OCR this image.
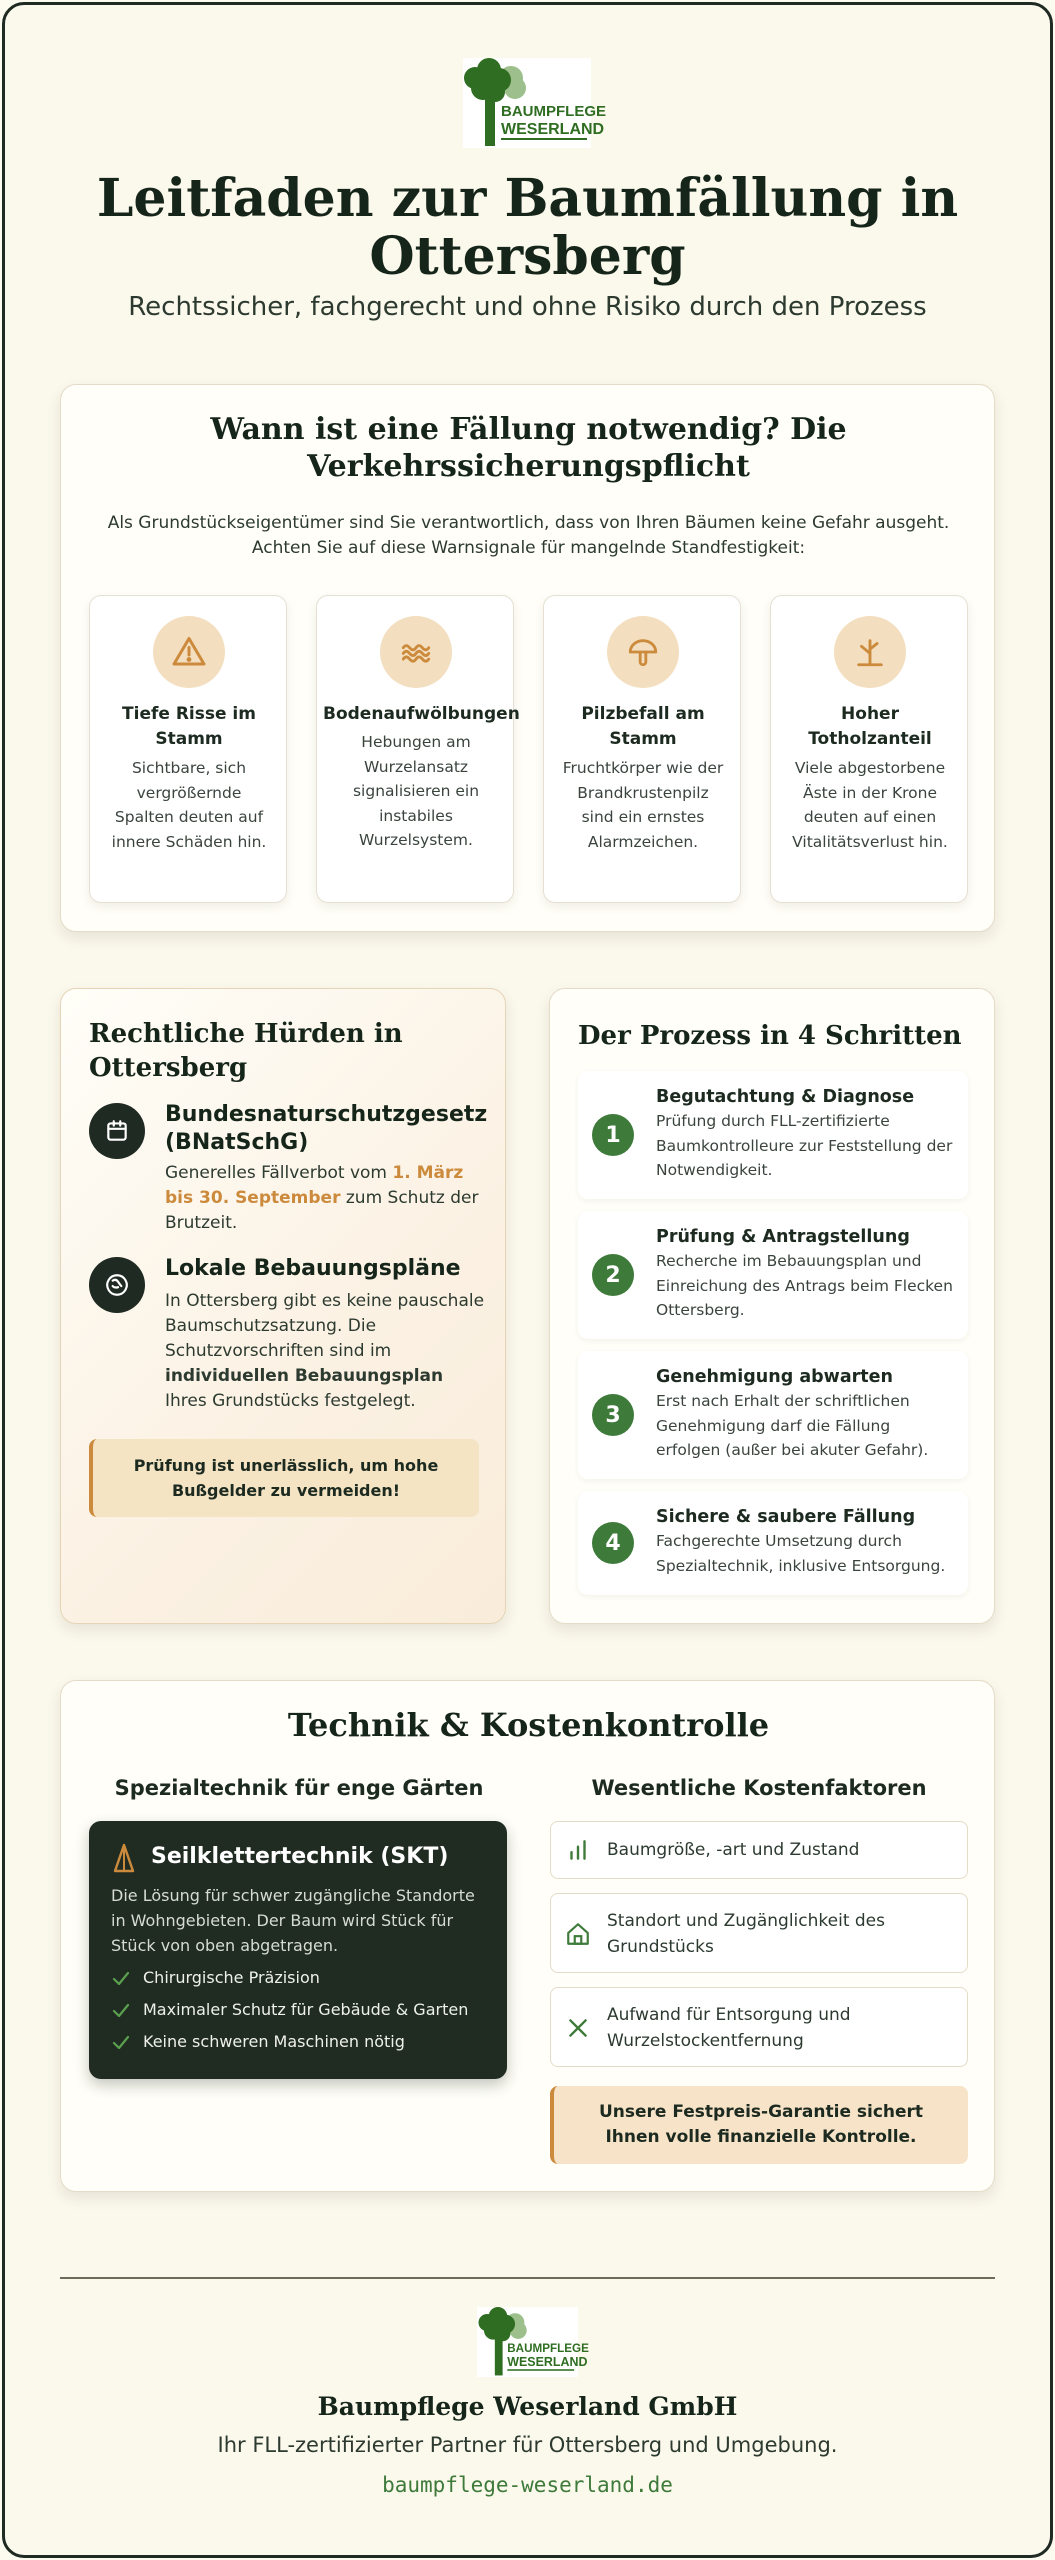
BAUMPFLEGE
WESERLAND
Leitfaden zur Baumfällung in Ottersberg
Rechtssicher, fachgerecht und ohne Risiko durch den Prozess
Wann ist eine Fällung notwendig? Die Verkehrssicherungspflicht
Als Grundstückseigentümer sind Sie verantwortlich, dass von Ihren Bäumen keine Gefahr ausgeht.
Achten Sie auf diese Warnsignale für mangelnde Standfestigkeit:
Tiefe Risse im Stamm
Sichtbare, sich vergrößernde Spalten deuten auf innere Schäden hin.
Bodenaufwölbungen
Hebungen am Wurzelansatz signalisieren ein instabiles Wurzelsystem.
Pilzbefall am Stamm
Fruchtkörper wie der Brandkrustenpilz sind ein ernstes Alarmzeichen.
Hoher Totholzanteil
Viele abgestorbene Äste in der Krone deuten auf einen Vitalitätsverlust hin.
Rechtliche Hürden in Ottersberg
Bundesnaturschutzgesetz (BNatSchG)
Generelles Fällverbot vom 1. März bis 30. September zum Schutz der Brutzeit.
Lokale Bebauungspläne
In Ottersberg gibt es keine pauschale Baumschutzsatzung. Die Schutzvorschriften sind im individuellen Bebauungsplan Ihres Grundstücks festgelegt.
Prüfung ist unerlässlich, um hohe Bußgelder zu vermeiden!
Der Prozess in 4 Schritten
1
Begutachtung & Diagnose
Prüfung durch FLL-zertifizierte Baumkontrolleure zur Feststellung der Notwendigkeit.
2
Prüfung & Antragstellung
Recherche im Bebauungsplan und Einreichung des Antrags beim Flecken Ottersberg.
3
Genehmigung abwarten
Erst nach Erhalt der schriftlichen Genehmigung darf die Fällung erfolgen (außer bei akuter Gefahr).
4
Sichere & saubere Fällung
Fachgerechte Umsetzung durch Spezialtechnik, inklusive Entsorgung.
Technik & Kostenkontrolle
Spezialtechnik für enge Gärten	Wesentliche Kostenfaktoren
Seilklettertechnik (SKT)
Die Lösung für schwer zugängliche Standorte in Wohngebieten. Der Baum wird Stück für Stück von oben abgetragen.
Chirurgische Präzision
Maximaler Schutz für Gebäude & Garten
Keine schweren Maschinen nötig
Baumgröße, -art und Zustand
Standort und Zugänglichkeit des Grundstücks
Aufwand für Entsorgung und Wurzelstockentfernung
Unsere Festpreis-Garantie sichert Ihnen volle finanzielle Kontrolle.
BAUMPFLEGE
WESERLAND
Baumpflege Weserland GmbH
Ihr FLL-zertifizierter Partner für Ottersberg und Umgebung.
baumpflege-weserland.de
